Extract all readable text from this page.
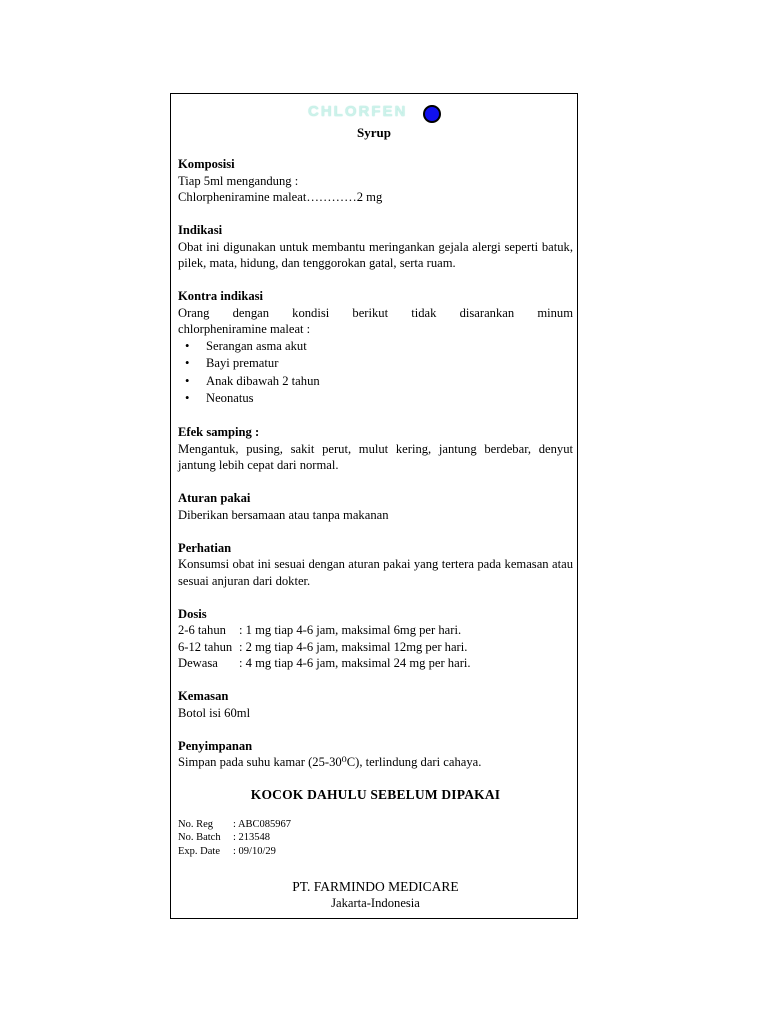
CHLORFEN
Syrup
Komposisi
Tiap 5ml mengandung :
Chlorpheniramine maleat…………2 mg
Indikasi
Obat ini digunakan untuk membantu meringankan gejala alergi seperti batuk, pilek, mata, hidung, dan tenggorokan gatal, serta ruam.
Kontra indikasi
Orang dengan kondisi berikut tidak disarankan minum
chlorpheniramine maleat :
• Serangan asma akut
• Bayi prematur
• Anak dibawah 2 tahun
• Neonatus
Efek samping :
Mengantuk, pusing, sakit perut, mulut kering, jantung berdebar, denyut jantung lebih cepat dari normal.
Aturan pakai
Diberikan bersamaan atau tanpa makanan
Perhatian
Konsumsi obat ini sesuai dengan aturan pakai yang tertera pada kemasan atau sesuai anjuran dari dokter.
Dosis
2-6 tahun	: 1 mg tiap 4-6 jam, maksimal 6mg per hari.
6-12 tahun : 2 mg tiap 4-6 jam, maksimal 12mg per hari.
Dewasa	: 4 mg tiap 4-6 jam, maksimal 24 mg per hari.
Kemasan
Botol isi 60ml
Penyimpanan
Simpan pada suhu kamar (25-30⁰C), terlindung dari cahaya.
KOCOK DAHULU SEBELUM DIPAKAI
No. Reg	: ABC085967
No. Batch	: 213548
Exp. Date	: 09/10/29
PT. FARMINDO MEDICARE
Jakarta-Indonesia
